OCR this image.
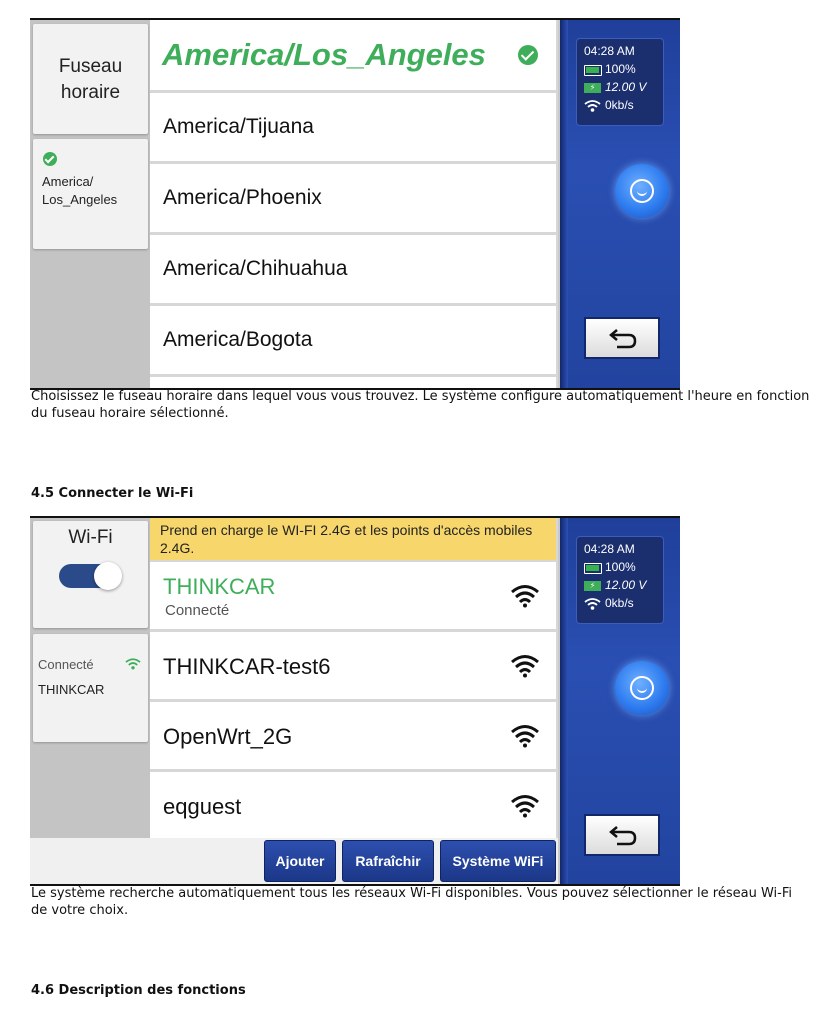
Fuseau
horaire
America/
Los_Angeles
America/Los_Angeles
America/Tijuana
America/Phoenix
America/Chihuahua
America/Bogota
04:28 AM
100%
⚡ 12.00 V
0kb/s

Choisissez le fuseau horaire dans lequel vous vous trouvez. Le système configure automatiquement l'heure en fonction du fuseau horaire sélectionné.

4.5 Connecter le Wi-Fi
Wi-Fi
Connecté
THINKCAR
Prend en charge le WI-FI 2.4G et les points d'accès mobiles 2.4G.
THINKCAR
Connecté
THINKCAR-test6
OpenWrt_2G
eqguest
Ajouter	Rafraîchir	Système WiFi
04:28 AM
100%
⚡ 12.00 V
0kb/s

Le système recherche automatiquement tous les réseaux Wi-Fi disponibles. Vous pouvez sélectionner le réseau Wi-Fi de votre choix.

4.6 Description des fonctions
